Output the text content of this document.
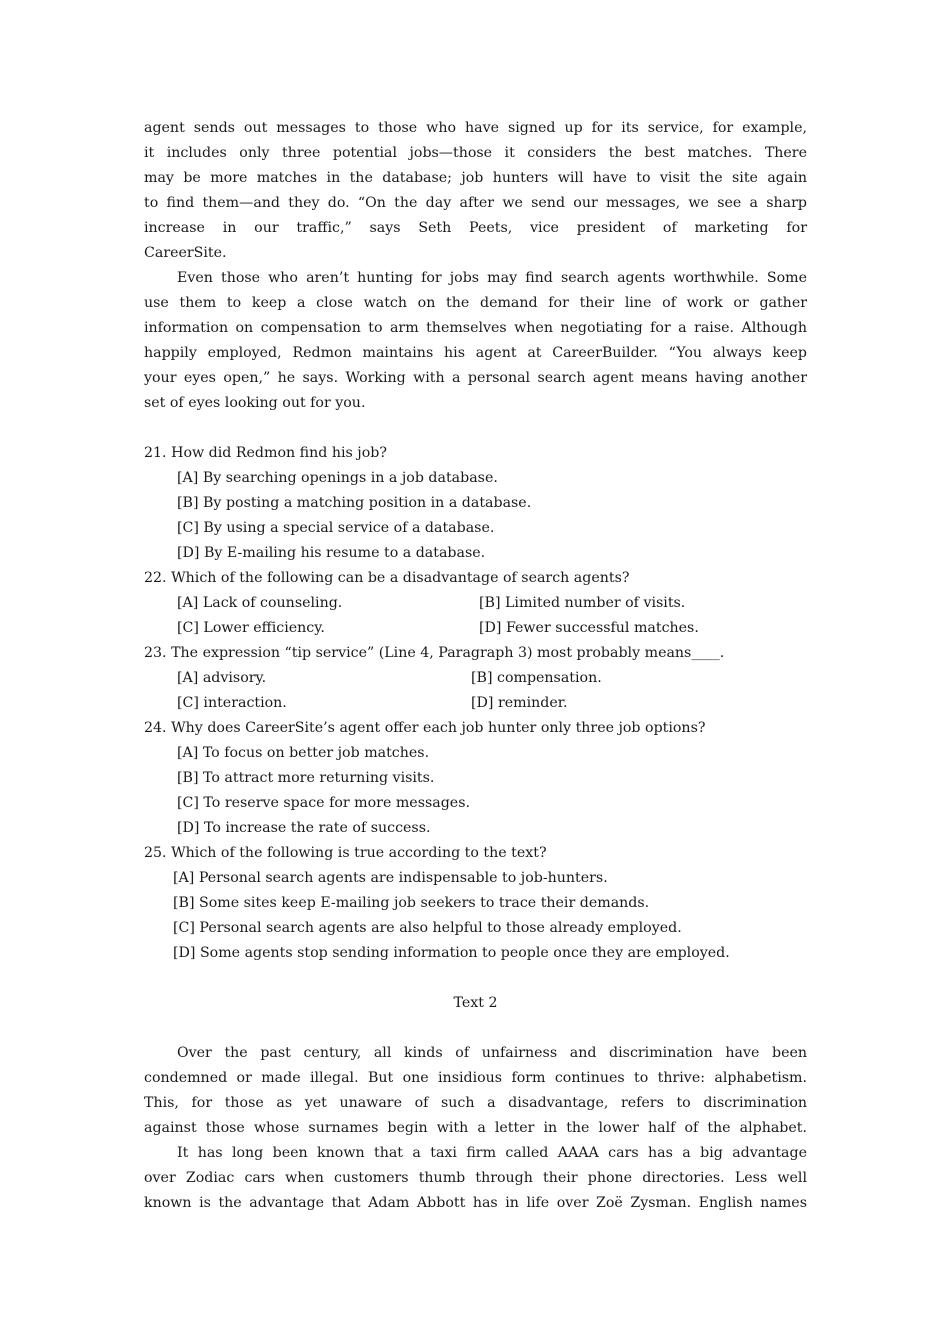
agent sends out messages to those who have signed up for its service, for example,
it includes only three potential jobs—those it considers the best matches. There
may be more matches in the database; job hunters will have to visit the site again
to find them—and they do. “On the day after we send our messages, we see a sharp
increase in our traffic,” says Seth Peets, vice president of marketing for
CareerSite.
Even those who aren’t hunting for jobs may find search agents worthwhile. Some
use them to keep a close watch on the demand for their line of work or gather
information on compensation to arm themselves when negotiating for a raise. Although
happily employed, Redmon maintains his agent at CareerBuilder. “You always keep
your eyes open,” he says. Working with a personal search agent means having another
set of eyes looking out for you.
21. How did Redmon find his job?
[A] By searching openings in a job database.
[B] By posting a matching position in a database.
[C] By using a special service of a database.
[D] By E-mailing his resume to a database.
22. Which of the following can be a disadvantage of search agents?
[A] Lack of counseling.	[B] Limited number of visits.
[C] Lower efficiency.	[D] Fewer successful matches.
23. The expression “tip service” (Line 4, Paragraph 3) most probably means____.
[A] advisory.	[B] compensation.
[C] interaction.	[D] reminder.
24. Why does CareerSite’s agent offer each job hunter only three job options?
[A] To focus on better job matches.
[B] To attract more returning visits.
[C] To reserve space for more messages.
[D] To increase the rate of success.
25. Which of the following is true according to the text?
[A] Personal search agents are indispensable to job-hunters.
[B] Some sites keep E-mailing job seekers to trace their demands.
[C] Personal search agents are also helpful to those already employed.
[D] Some agents stop sending information to people once they are employed.
Text 2
Over the past century, all kinds of unfairness and discrimination have been
condemned or made illegal. But one insidious form continues to thrive: alphabetism.
This, for those as yet unaware of such a disadvantage, refers to discrimination
against those whose surnames begin with a letter in the lower half of the alphabet.
It has long been known that a taxi firm called AAAA cars has a big advantage
over Zodiac cars when customers thumb through their phone directories. Less well
known is the advantage that Adam Abbott has in life over Zoë Zysman. English names
